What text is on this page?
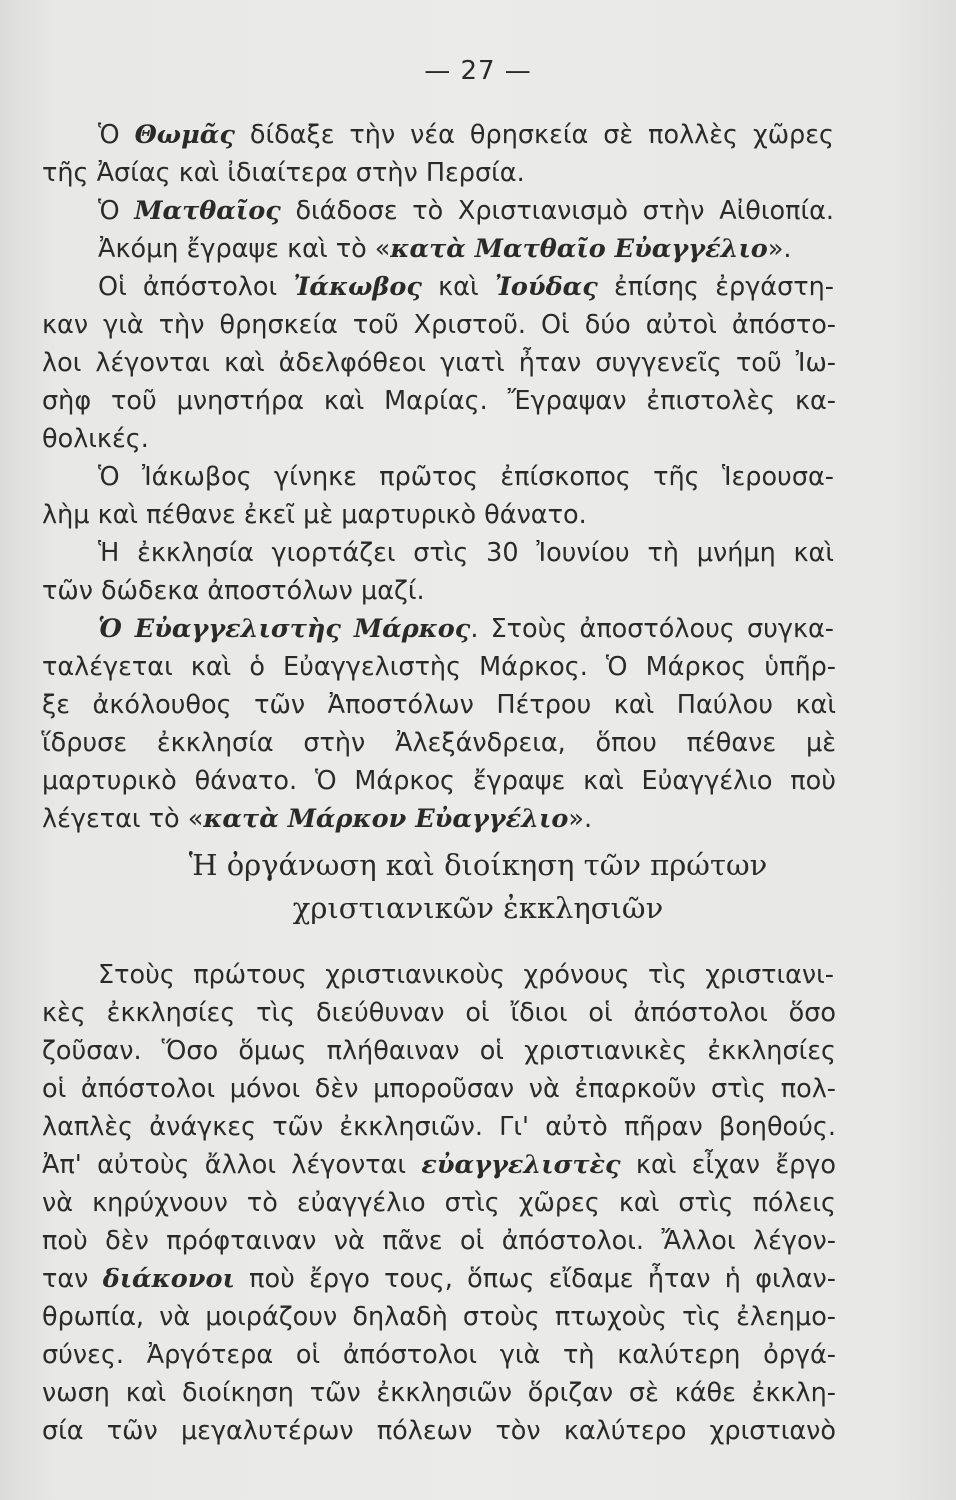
— 27 —
Ὁ Θωμᾶς δίδαξε τὴν νέα θρησκεία σὲ πολλὲς χῶρες
τῆς Ἀσίας καὶ ἰδιαίτερα στὴν Περσία.
Ὁ Ματθαῖος διάδοσε τὸ Χριστιανισμὸ στὴν Αἰθιοπία.
Ἀκόμη ἔγραψε καὶ τὸ «κατὰ Ματθαῖο Εὐαγγέλιο».
Οἱ ἀπόστολοι Ἰάκωβος καὶ Ἰούδας ἐπίσης ἐργάστη-
καν γιὰ τὴν θρησκεία τοῦ Χριστοῦ. Οἱ δύο αὐτοὶ ἀπόστο-
λοι λέγονται καὶ ἀδελφόθεοι γιατὶ ἦταν συγγενεῖς τοῦ Ἰω-
σὴφ τοῦ μνηστήρα καὶ Μαρίας. Ἔγραψαν ἐπιστολὲς κα-
θολικές.
Ὁ Ἰάκωβος γίνηκε πρῶτος ἐπίσκοπος τῆς Ἱερουσα-
λὴμ καὶ πέθανε ἐκεῖ μὲ μαρτυρικὸ θάνατο.
Ἡ ἐκκλησία γιορτάζει στὶς 30 Ἰουνίου τὴ μνήμη καὶ
τῶν δώδεκα ἀποστόλων μαζί.
Ὁ Εὐαγγελιστὴς Μάρκος. Στοὺς ἀποστόλους συγκα-
ταλέγεται καὶ ὁ Εὐαγγελιστὴς Μάρκος. Ὁ Μάρκος ὑπῆρ-
ξε ἀκόλουθος τῶν Ἀποστόλων Πέτρου καὶ Παύλου καὶ
ἵδρυσε ἐκκλησία στὴν Ἀλεξάνδρεια, ὅπου πέθανε μὲ
μαρτυρικὸ θάνατο. Ὁ Μάρκος ἔγραψε καὶ Εὐαγγέλιο ποὺ
λέγεται τὸ «κατὰ Μάρκον Εὐαγγέλιο».
Ἡ ὀργάνωση καὶ διοίκηση τῶν πρώτων
χριστιανικῶν ἐκκλησιῶν
Στοὺς πρώτους χριστιανικοὺς χρόνους τὶς χριστιανι-
κὲς ἐκκλησίες τὶς διεύθυναν οἱ ἴδιοι οἱ ἀπόστολοι ὅσο
ζοῦσαν. Ὅσο ὅμως πλήθαιναν οἱ χριστιανικὲς ἐκκλησίες
οἱ ἀπόστολοι μόνοι δὲν μποροῦσαν νὰ ἐπαρκοῦν στὶς πολ-
λαπλὲς ἀνάγκες τῶν ἐκκλησιῶν. Γι' αὐτὸ πῆραν βοηθούς.
Ἀπ' αὐτοὺς ἄλλοι λέγονται εὐαγγελιστὲς καὶ εἶχαν ἔργο
νὰ κηρύχνουν τὸ εὐαγγέλιο στὶς χῶρες καὶ στὶς πόλεις
ποὺ δὲν πρόφταιναν νὰ πᾶνε οἱ ἀπόστολοι. Ἄλλοι λέγον-
ταν διάκονοι ποὺ ἔργο τους, ὅπως εἴδαμε ἦταν ἡ φιλαν-
θρωπία, νὰ μοιράζουν δηλαδὴ στοὺς πτωχοὺς τὶς ἐλεημο-
σύνες. Ἀργότερα οἱ ἀπόστολοι γιὰ τὴ καλύτερη ὀργά-
νωση καὶ διοίκηση τῶν ἐκκλησιῶν ὅριζαν σὲ κάθε ἐκκλη-
σία τῶν μεγαλυτέρων πόλεων τὸν καλύτερο χριστιανὸ
